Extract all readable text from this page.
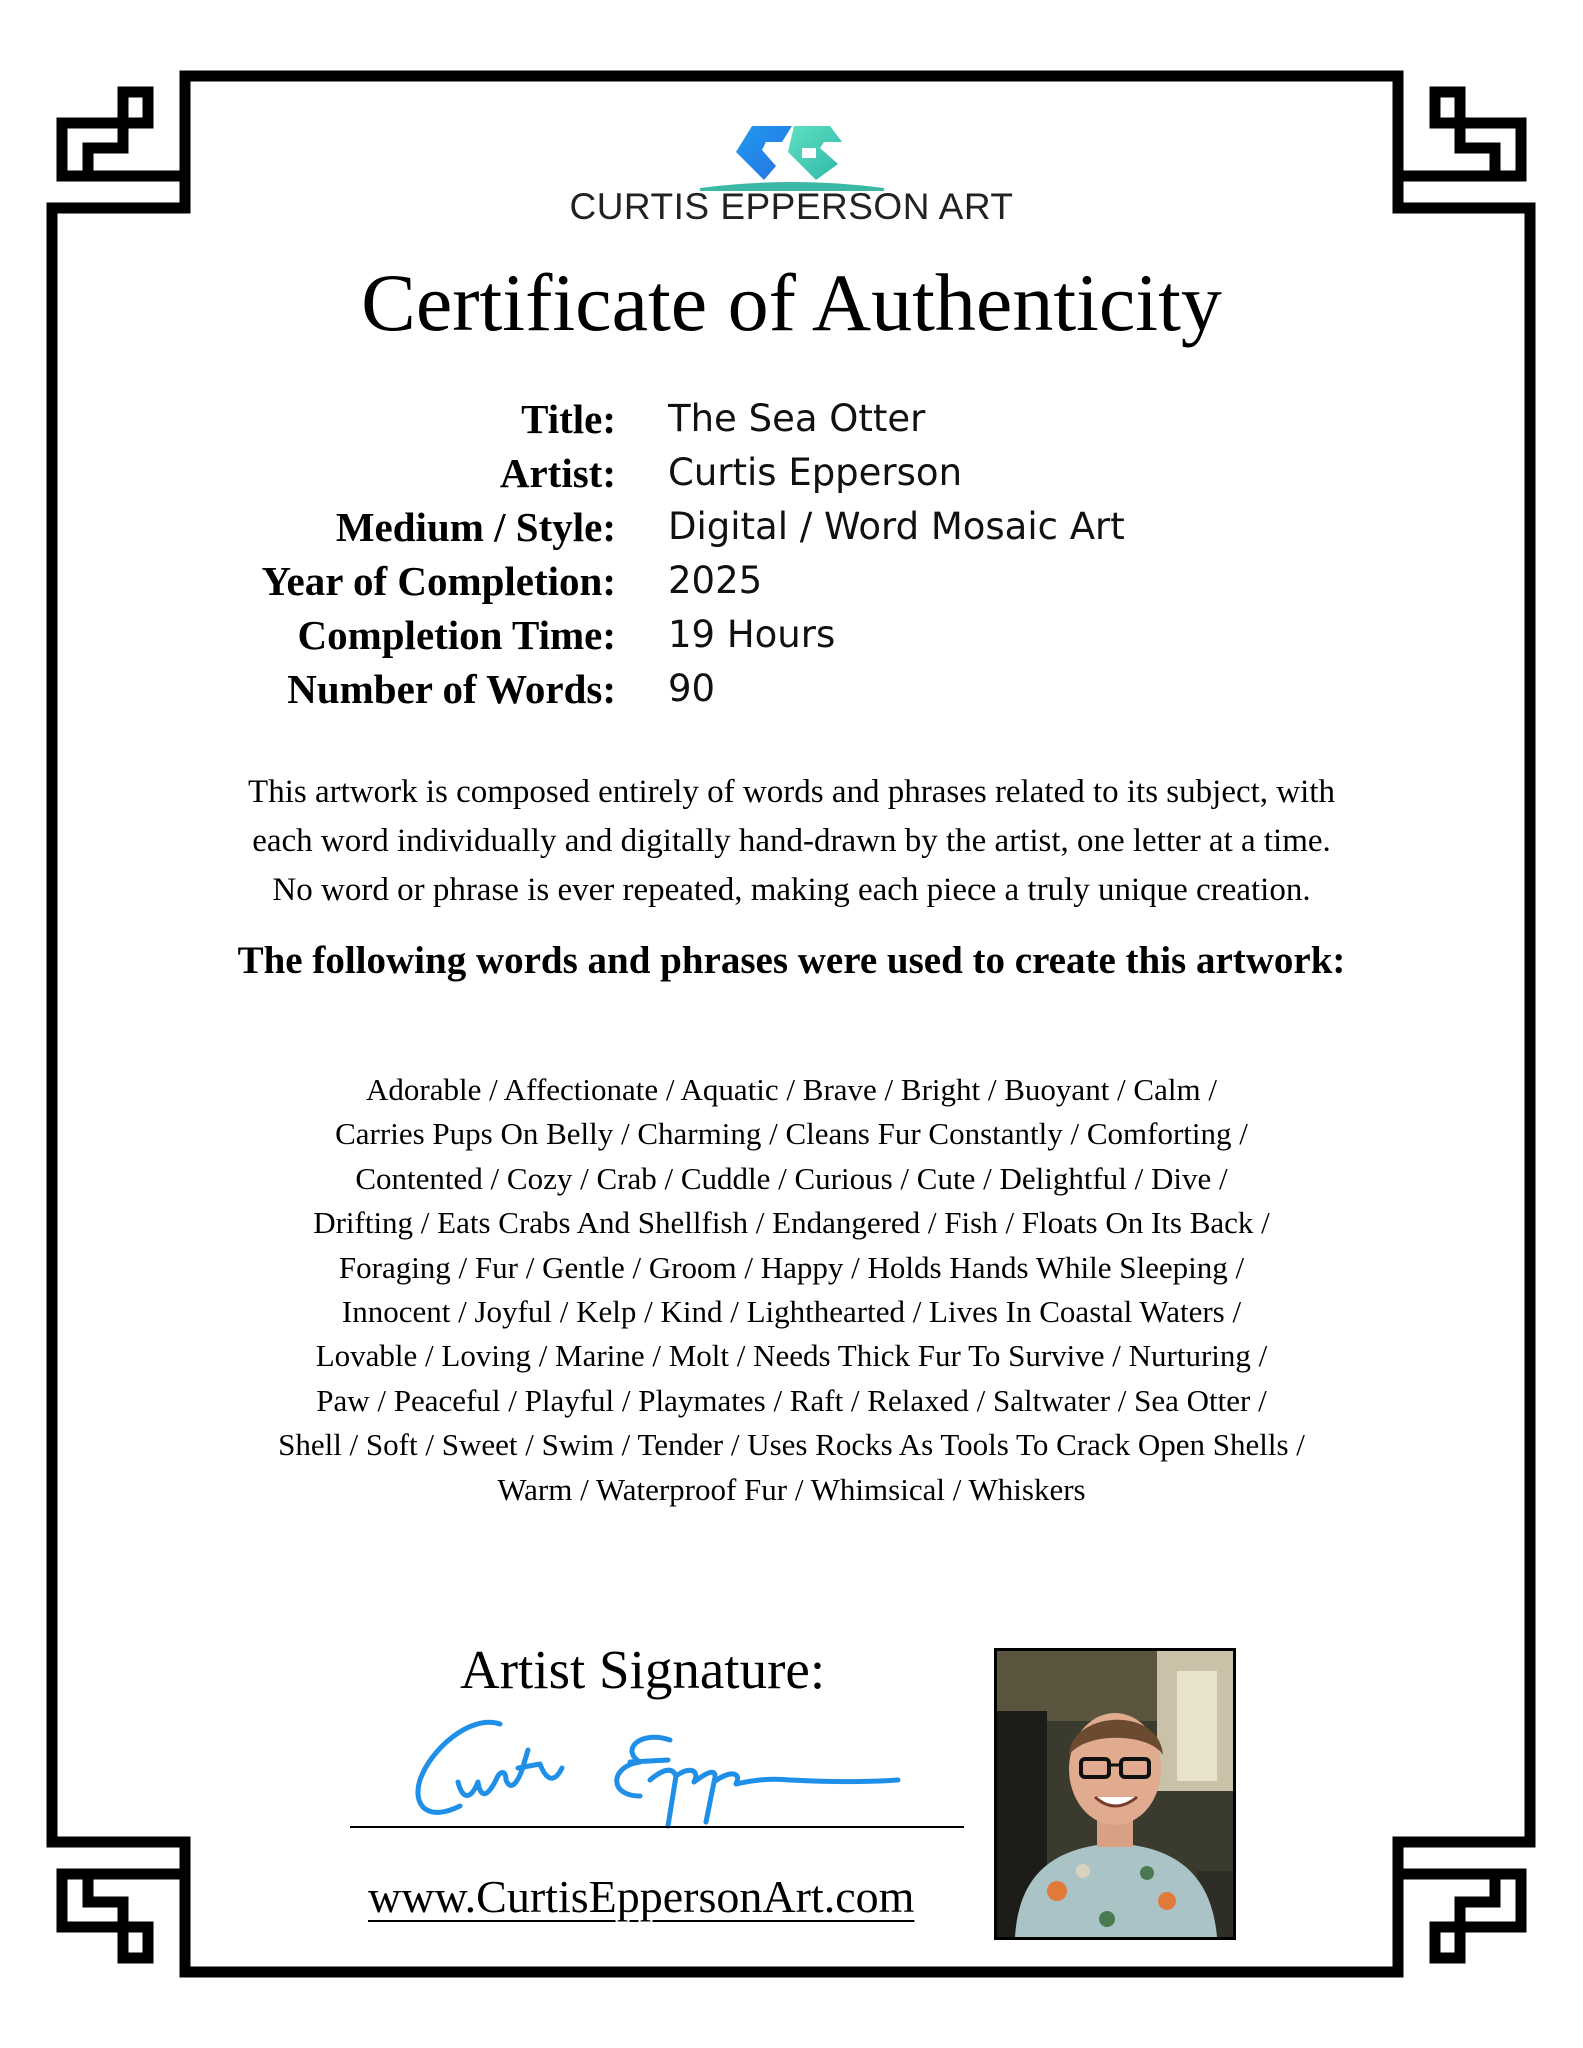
CURTIS EPPERSON ART
Certificate of Authenticity
Title: The Sea Otter
Artist: Curtis Epperson
Medium / Style: Digital / Word Mosaic Art
Year of Completion: 2025
Completion Time: 19 Hours
Number of Words: 90
This artwork is composed entirely of words and phrases related to its subject, with
each word individually and digitally hand-drawn by the artist, one letter at a time.
No word or phrase is ever repeated, making each piece a truly unique creation.
The following words and phrases were used to create this artwork:
Adorable / Affectionate / Aquatic / Brave / Bright / Buoyant / Calm /
Carries Pups On Belly / Charming / Cleans Fur Constantly / Comforting /
Contented / Cozy / Crab / Cuddle / Curious / Cute / Delightful / Dive /
Drifting / Eats Crabs And Shellfish / Endangered / Fish / Floats On Its Back /
Foraging / Fur / Gentle / Groom / Happy / Holds Hands While Sleeping /
Innocent / Joyful / Kelp / Kind / Lighthearted / Lives In Coastal Waters /
Lovable / Loving / Marine / Molt / Needs Thick Fur To Survive / Nurturing /
Paw / Peaceful / Playful / Playmates / Raft / Relaxed / Saltwater / Sea Otter /
Shell / Soft / Sweet / Swim / Tender / Uses Rocks As Tools To Crack Open Shells /
Warm / Waterproof Fur / Whimsical / Whiskers
Artist Signature:
www.CurtisEppersonArt.com
